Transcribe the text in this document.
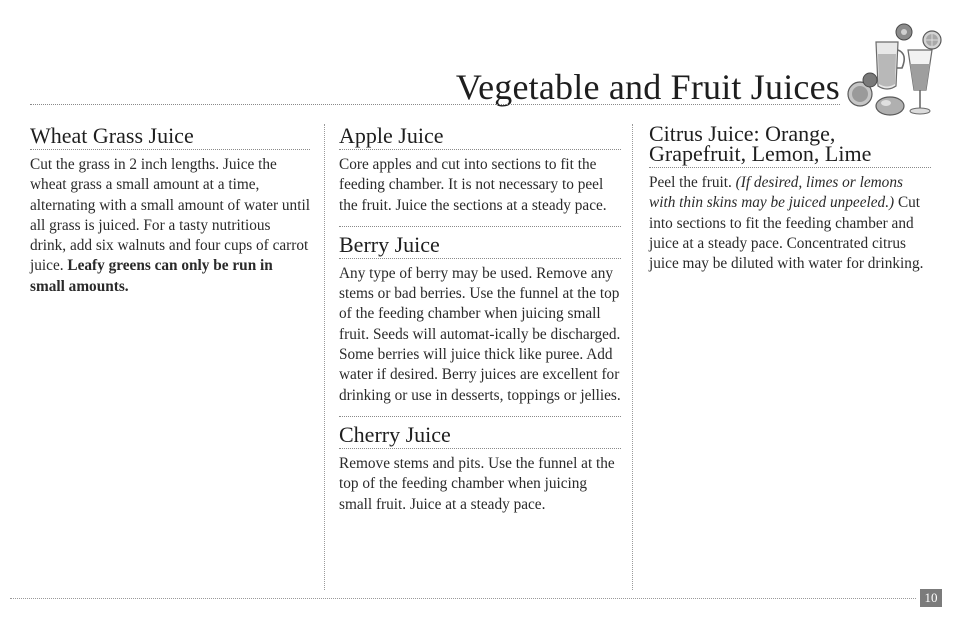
Vegetable and Fruit Juices
Wheat Grass Juice

Cut the grass in 2 inch lengths. Juice the wheat grass a small amount at a time, alternating with a small amount of water until all grass is juiced. For a tasty nutritious drink, add six walnuts and four cups of carrot juice. Leafy greens can only be run in small amounts.

Apple Juice

Core apples and cut into sections to fit the feeding chamber. It is not necessary to peel the fruit. Juice the sections at a steady pace.

Berry Juice

Any type of berry may be used. Remove any stems or bad berries. Use the funnel at the top of the feeding chamber when juicing small fruit. Seeds will automat-ically be discharged. Some berries will juice thick like puree. Add water if desired. Berry juices are excellent for drinking or use in desserts, toppings or jellies.

Cherry Juice

Remove stems and pits. Use the funnel at the top of the feeding chamber when juicing small fruit. Juice at a steady pace.

Citrus Juice: Orange,
Grapefruit, Lemon, Lime

Peel the fruit. (If desired, limes or lemons with thin skins may be juiced unpeeled.) Cut into sections to fit the feeding chamber and juice at a steady pace. Concentrated citrus juice may be diluted with water for drinking.

10
